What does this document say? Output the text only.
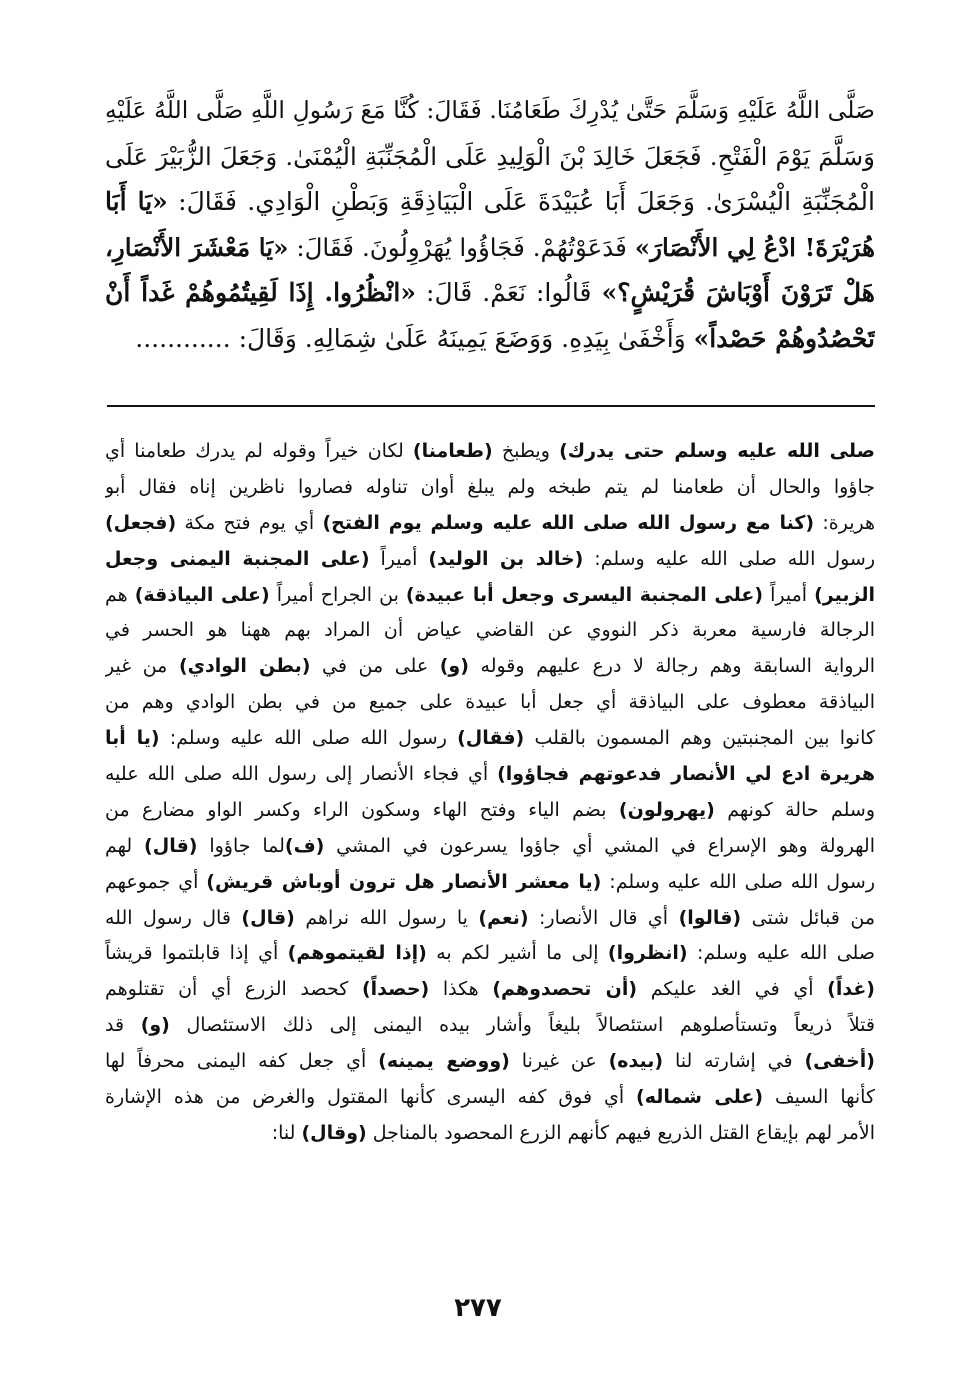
صَلَّى اللَّهُ عَلَيْهِ وَسَلَّمَ حَتَّىٰ يُدْرِكَ طَعَامُنَا. فَقَالَ: كُنَّا مَعَ رَسُولِ اللَّهِ صَلَّى اللَّهُ عَلَيْهِ
وَسَلَّمَ يَوْمَ الْفَتْحِ. فَجَعَلَ خَالِدَ بْنَ الْوَلِيدِ عَلَى الْمُجَنِّبَةِ الْيُمْنَىٰ. وَجَعَلَ الزُّبَيْرَ عَلَى
الْمُجَنِّبَةِ الْيُسْرَىٰ. وَجَعَلَ أَبَا عُبَيْدَةَ عَلَى الْبَيَاذِقَةِ وَبَطْنِ الْوَادِي. فَقَالَ: «يَا أَبَا
هُرَيْرَةَ! ادْعُ لِي الأَنْصَارَ» فَدَعَوْتُهُمْ. فَجَاؤُوا يُهَرْوِلُونَ. فَقَالَ: «يَا مَعْشَرَ الأَنْصَارِ،
هَلْ تَرَوْنَ أَوْبَاشَ قُرَيْشٍ؟» قَالُوا: نَعَمْ. قَالَ: «انْظُرُوا. إِذَا لَقِيتُمُوهُمْ غَداً أَنْ
تَحْصُدُوهُمْ حَصْداً» وَأَخْفَىٰ بِيَدِهِ. وَوَضَعَ يَمِينَهُ عَلَىٰ شِمَالِهِ. وَقَالَ: ............
صلى الله عليه وسلم حتى يدرك) ويطبخ (طعامنا) لكان خيراً وقوله لم يدرك طعامنا أي
جاؤوا والحال أن طعامنا لم يتم طبخه ولم يبلغ أوان تناوله فصاروا ناظرين إناه فقال أبو
هريرة: (كنا مع رسول الله صلى الله عليه وسلم يوم الفتح) أي يوم فتح مكة (فجعل)
رسول الله صلى الله عليه وسلم: (خالد بن الوليد) أميراً (على المجنبة اليمنى وجعل
الزبير) أميراً (على المجنبة اليسرى وجعل أبا عبيدة) بن الجراح أميراً (على البياذقة) هم
الرجالة فارسية معربة ذكر النووي عن القاضي عياض أن المراد بهم ههنا هو الحسر في
الرواية السابقة وهم رجالة لا درع عليهم وقوله (و) على من في (بطن الوادي) من غير
البياذقة معطوف على البياذقة أي جعل أبا عبيدة على جميع من في بطن الوادي وهم من
كانوا بين المجنبتين وهم المسمون بالقلب (فقال) رسول الله صلى الله عليه وسلم: (يا أبا
هريرة ادع لي الأنصار فدعوتهم فجاؤوا) أي فجاء الأنصار إلى رسول الله صلى الله عليه
وسلم حالة كونهم (يهرولون) بضم الياء وفتح الهاء وسكون الراء وكسر الواو مضارع من
الهرولة وهو الإسراع في المشي أي جاؤوا يسرعون في المشي (ف)لما جاؤوا (قال) لهم
رسول الله صلى الله عليه وسلم: (يا معشر الأنصار هل ترون أوباش قريش) أي جموعهم
من قبائل شتى (قالوا) أي قال الأنصار: (نعم) يا رسول الله نراهم (قال) قال رسول الله
صلى الله عليه وسلم: (انظروا) إلى ما أشير لكم به (إذا لقيتموهم) أي إذا قابلتموا قريشاً
(غداً) أي في الغد عليكم (أن تحصدوهم) هكذا (حصداً) كحصد الزرع أي أن تقتلوهم
قتلاً ذريعاً وتستأصلوهم استئصالاً بليغاً وأشار بيده اليمنى إلى ذلك الاستئصال (و) قد
(أخفى) في إشارته لنا (بيده) عن غيرنا (ووضع يمينه) أي جعل كفه اليمنى محرفاً لها
كأنها السيف (على شماله) أي فوق كفه اليسرى كأنها المقتول والغرض من هذه الإشارة
الأمر لهم بإيقاع القتل الذريع فيهم كأنهم الزرع المحصود بالمناجل (وقال) لنا:
٢٧٧
